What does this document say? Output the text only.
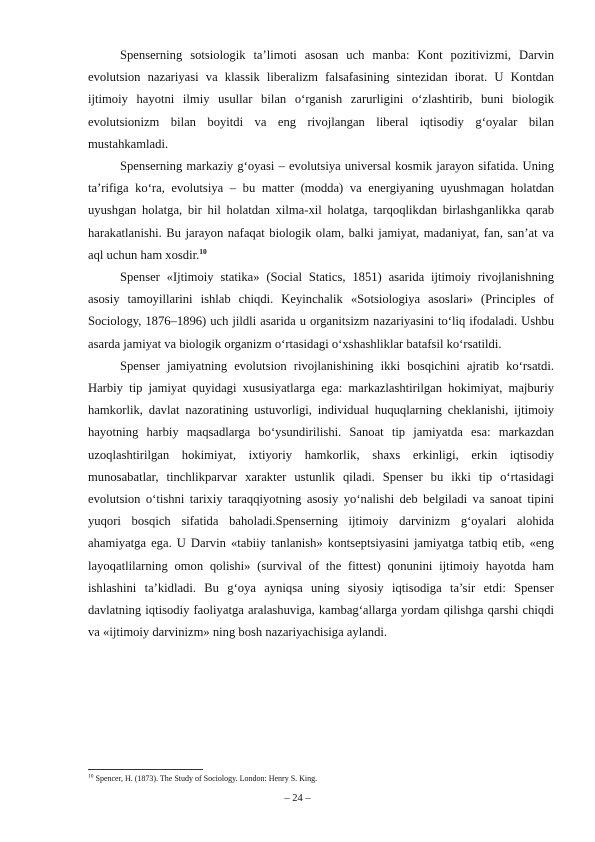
Spenserning sotsiologik ta’limoti asosan uch manba: Kont pozitivizmi, Darvin evolutsion nazariyasi va klassik liberalizm falsafasining sintezidan iborat. U Kontdan ijtimoiy hayotni ilmiy usullar bilan o‘rganish zarurligini o‘zlashtirib, buni biologik evolutsionizm bilan boyitdi va eng rivojlangan liberal iqtisodiy g‘oyalar bilan mustahkamladi.

Spenserning markaziy g‘oyasi – evolutsiya universal kosmik jarayon sifatida. Uning ta’rifiga ko‘ra, evolutsiya – bu matter (modda) va energiyaning uyushmagan holatdan uyushgan holatga, bir hil holatdan xilma-xil holatga, tarqoqlikdan birlashganlikka qarab harakatlanishi. Bu jarayon nafaqat biologik olam, balki jamiyat, madaniyat, fan, san’at va aql uchun ham xosdir.$^{10}$

Spenser «Ijtimoiy statika» (Social Statics, 1851) asarida ijtimoiy rivojlanishning asosiy tamoyillarini ishlab chiqdi. Keyinchalik «Sotsiologiya asoslari» (Principles of Sociology, 1876–1896) uch jildli asarida u organitsizm nazariyasini to‘liq ifodaladi. Ushbu asarda jamiyat va biologik organizm o‘rtasidagi o‘xshashliklar batafsil ko‘rsatildi.

Spenser jamiyatning evolutsion rivojlanishining ikki bosqichini ajratib ko‘rsatdi. Harbiy tip jamiyat quyidagi xususiyatlarga ega: markazlashtirilgan hokimiyat, majburiy hamkorlik, davlat nazoratining ustuvorligi, individual huquqlarning cheklanishi, ijtimoiy hayotning harbiy maqsadlarga bo‘ysundirilishi. Sanoat tip jamiyatda esa: markazdan uzoqlashtirilgan hokimiyat, ixtiyoriy hamkorlik, shaxs erkinligi, erkin iqtisodiy munosabatlar, tinchlikparvar xarakter ustunlik qiladi. Spenser bu ikki tip o‘rtasidagi evolutsion o‘tishni tarixiy taraqqiyotning asosiy yo‘nalishi deb belgiladi va sanoat tipini yuqori bosqich sifatida baholadi.Spenserning ijtimoiy darvinizm g‘oyalari alohida ahamiyatga ega. U Darvin «tabiiy tanlanish» kontseptsiyasini jamiyatga tatbiq etib, «eng layoqatlilarning omon qolishi» (survival of the fittest) qonunini ijtimoiy hayotda ham ishlashini ta’kidladi. Bu g‘oya ayniqsa uning siyosiy iqtisodiga ta’sir etdi: Spenser davlatning iqtisodiy faoliyatga aralashuviga, kambag‘allarga yordam qilishga qarshi chiqdi va «ijtimoiy darvinizm» ning bosh nazariyachisiga aylandi.

$^{10}$ Spencer, H. (1873). The Study of Sociology. London: Henry S. King.
– 24 –
